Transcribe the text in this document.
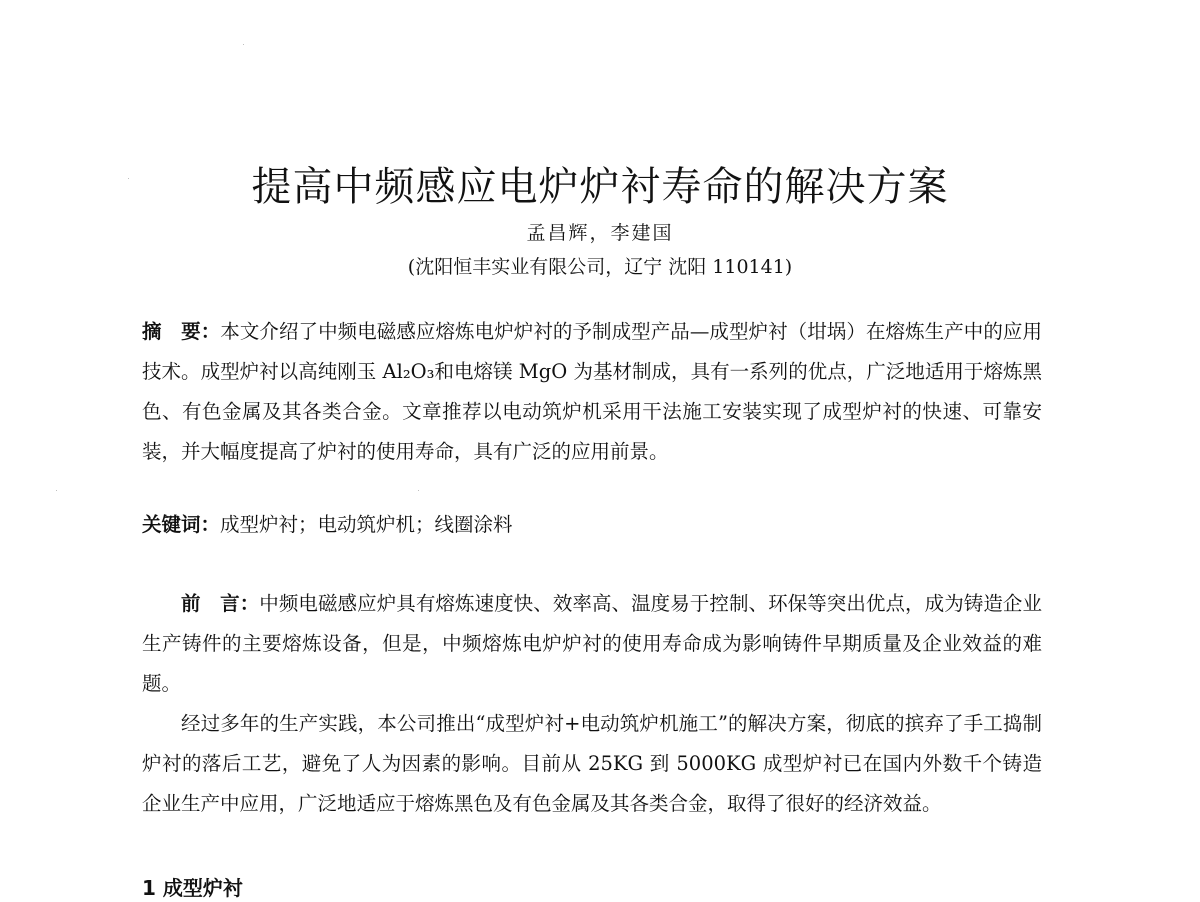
提高中频感应电炉炉衬寿命的解决方案
孟昌辉，李建国
(沈阳恒丰实业有限公司，辽宁 沈阳 110141)
摘　要：本文介绍了中频电磁感应熔炼电炉炉衬的予制成型产品—成型炉衬（坩埚）在熔炼生产中的应用技术。成型炉衬以高纯刚玉 Al₂O₃和电熔镁 MgO 为基材制成，具有一系列的优点，广泛地适用于熔炼黑色、有色金属及其各类合金。文章推荐以电动筑炉机采用干法施工安装实现了成型炉衬的快速、可靠安装，并大幅度提高了炉衬的使用寿命，具有广泛的应用前景。
关键词：成型炉衬；电动筑炉机；线圈涂料

前　言：中频电磁感应炉具有熔炼速度快、效率高、温度易于控制、环保等突出优点，成为铸造企业生产铸件的主要熔炼设备，但是，中频熔炼电炉炉衬的使用寿命成为影响铸件早期质量及企业效益的难题。

经过多年的生产实践，本公司推出“成型炉衬+电动筑炉机施工”的解决方案，彻底的摈弃了手工捣制炉衬的落后工艺，避免了人为因素的影响。目前从 25KG 到 5000KG 成型炉衬已在国内外数千个铸造企业生产中应用，广泛地适应于熔炼黑色及有色金属及其各类合金，取得了很好的经济效益。

1 成型炉衬
